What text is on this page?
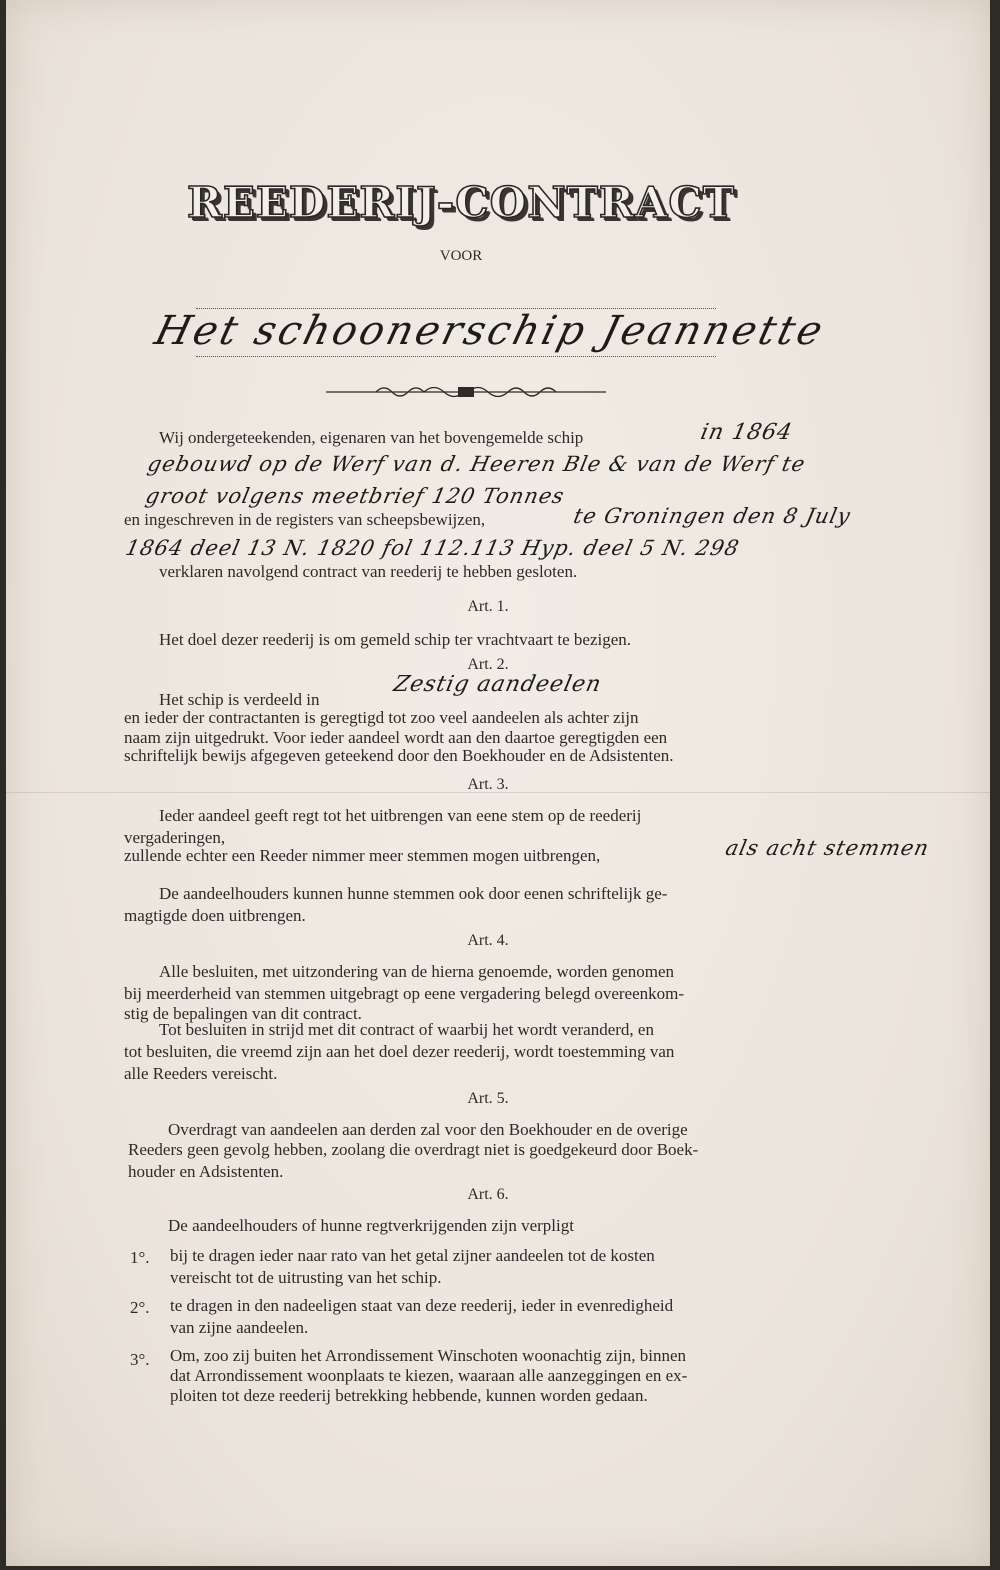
REEDERIJ-CONTRACT
VOOR
Het schoonerschip Jeannette
Wij ondergeteekenden, eigenaren van het bovengemelde schip	in 1864
gebouwd op de Werf van d. Heeren Ble & van de Werf te
groot volgens meetbrief 120 Tonnes
en ingeschreven in de registers van scheepsbewijzen,	te Groningen den 8 July
1864 deel 13 N. 1820 fol 112.113 Hyp. deel 5 N. 298
verklaren navolgend contract van reederij te hebben gesloten.
Art. 1.
Het doel dezer reederij is om gemeld schip ter vrachtvaart te bezigen.
Art. 2.
Het schip is verdeeld in
Zestig aandeelen
en ieder der contractanten is geregtigd tot zoo veel aandeelen als achter zijn
naam zijn uitgedrukt. Voor ieder aandeel wordt aan den daartoe geregtigden een
schriftelijk bewijs afgegeven geteekend door den Boekhouder en de Adsistenten.
Art. 3.
Ieder aandeel geeft regt tot het uitbrengen van eene stem op de reederij
vergaderingen,
zullende echter een Reeder nimmer meer stemmen mogen uitbrengen,	als acht stemmen
De aandeelhouders kunnen hunne stemmen ook door eenen schriftelijk ge-
magtigde doen uitbrengen.
Art. 4.
Alle besluiten, met uitzondering van de hierna genoemde, worden genomen
bij meerderheid van stemmen uitgebragt op eene vergadering belegd overeenkom-
stig de bepalingen van dit contract.
Tot besluiten in strijd met dit contract of waarbij het wordt veranderd, en
tot besluiten, die vreemd zijn aan het doel dezer reederij, wordt toestemming van
alle Reeders vereischt.
Art. 5.
Overdragt van aandeelen aan derden zal voor den Boekhouder en de overige
Reeders geen gevolg hebben, zoolang die overdragt niet is goedgekeurd door Boek-
houder en Adsistenten.
Art. 6.
De aandeelhouders of hunne regtverkrijgenden zijn verpligt
1°. bij te dragen ieder naar rato van het getal zijner aandeelen tot de kosten
vereischt tot de uitrusting van het schip.
2°. te dragen in den nadeeligen staat van deze reederij, ieder in evenredigheid
van zijne aandeelen.
3°. Om, zoo zij buiten het Arrondissement Winschoten woonachtig zijn, binnen
dat Arrondissement woonplaats te kiezen, waaraan alle aanzeggingen en ex-
ploiten tot deze reederij betrekking hebbende, kunnen worden gedaan.
